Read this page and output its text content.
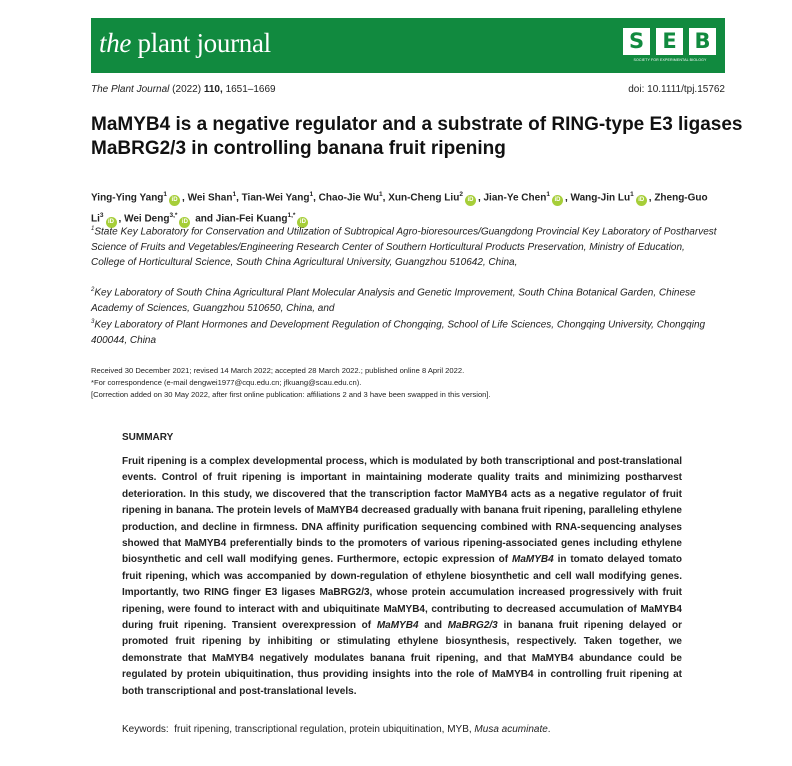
the plant journal	S E B
SOCIETY FOR EXPERIMENTAL BIOLOGY
The Plant Journal (2022) 110, 1651–1669	doi: 10.1111/tpj.15762
MaMYB4 is a negative regulator and a substrate of RING-type E3 ligases MaBRG2/3 in controlling banana fruit ripening
Ying-Ying Yang$^1$iD , Wei Shan$^1$, Tian-Wei Yang$^1$, Chao-Jie Wu$^1$, Xun-Cheng Liu$^2$iD , Jian-Ye Chen$^1$iD , Wang-Jin Lu$^1$iD , Zheng-Guo Li$^3$iD , Wei Deng$^{3,*}$iD and Jian-Fei Kuang$^{1,*}$iD
$^1$State Key Laboratory for Conservation and Utilization of Subtropical Agro-bioresources/Guangdong Provincial Key Laboratory of Postharvest Science of Fruits and Vegetables/Engineering Research Center of Southern Horticultural Products Preservation, Ministry of Education, College of Horticultural Science, South China Agricultural University, Guangzhou 510642, China,
$^2$Key Laboratory of South China Agricultural Plant Molecular Analysis and Genetic Improvement, South China Botanical Garden, Chinese Academy of Sciences, Guangzhou 510650, China, and
$^3$Key Laboratory of Plant Hormones and Development Regulation of Chongqing, School of Life Sciences, Chongqing University, Chongqing 400044, China
Received 30 December 2021; revised 14 March 2022; accepted 28 March 2022.; published online 8 April 2022.
*For correspondence (e-mail dengwei1977@cqu.edu.cn; jfkuang@scau.edu.cn).
[Correction added on 30 May 2022, after first online publication: affiliations 2 and 3 have been swapped in this version].
SUMMARY

Fruit ripening is a complex developmental process, which is modulated by both transcriptional and post-translational events. Control of fruit ripening is important in maintaining moderate quality traits and minimizing postharvest deterioration. In this study, we discovered that the transcription factor MaMYB4 acts as a negative regulator of fruit ripening in banana. The protein levels of MaMYB4 decreased gradually with banana fruit ripening, paralleling ethylene production, and decline in firmness. DNA affinity purification sequencing combined with RNA-sequencing analyses showed that MaMYB4 preferentially binds to the promoters of various ripening-associated genes including ethylene biosynthetic and cell wall modifying genes. Furthermore, ectopic expression of MaMYB4 in tomato delayed tomato fruit ripening, which was accompanied by down-regulation of ethylene biosynthetic and cell wall modifying genes. Importantly, two RING finger E3 ligases MaBRG2/3, whose protein accumulation increased progressively with fruit ripening, were found to interact with and ubiquitinate MaMYB4, contributing to decreased accumulation of MaMYB4 during fruit ripening. Transient overexpression of MaMYB4 and MaBRG2/3 in banana fruit ripening delayed or promoted fruit ripening by inhibiting or stimulating ethylene biosynthesis, respectively. Taken together, we demonstrate that MaMYB4 negatively modulates banana fruit ripening, and that MaMYB4 abundance could be regulated by protein ubiquitination, thus providing insights into the role of MaMYB4 in controlling fruit ripening at both transcriptional and post-translational levels.

Keywords: fruit ripening, transcriptional regulation, protein ubiquitination, MYB, Musa acuminate.
